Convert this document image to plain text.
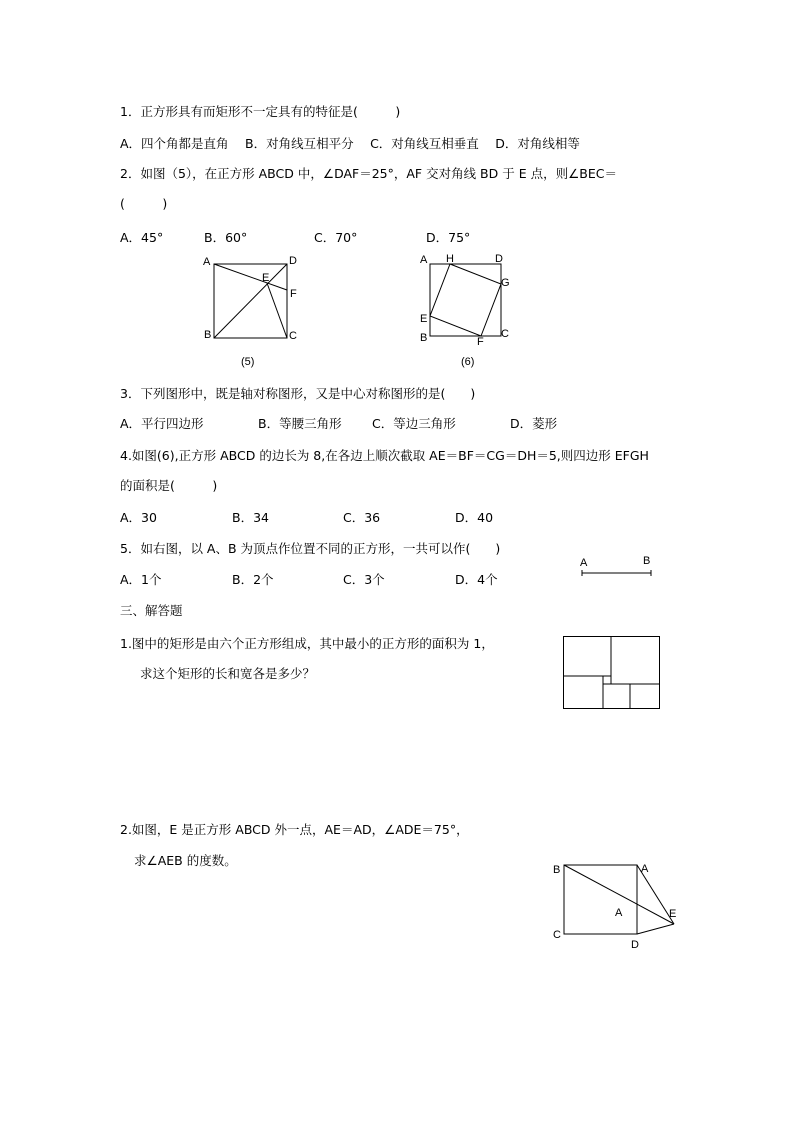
1．正方形具有而矩形不一定具有的特征是(　　　)
A．四个角都是直角　 B．对角线互相平分　 C．对角线互相垂直　 D．对角线相等
2．如图（5），在正方形 ABCD 中，∠DAF＝25°，AF 交对角线 BD 于 E 点，则∠BEC＝
(　　　)
A．45°	B．60°	C．70°	D．75°
A	D
E
F
B	C
(5)
A H	D
G
E
B	F
C
(6)
3．下列图形中，既是轴对称图形，又是中心对称图形的是(　　)
A．平行四边形	B．等腰三角形 C．等边三角形	D．菱形
4.如图(6),正方形 ABCD 的边长为 8,在各边上顺次截取 AE＝BF＝CG＝DH＝5,则四边形 EFGH
的面积是(　　　)
A．30	B．34	C．36	D．40
5．如右图，以 A、B 为顶点作位置不同的正方形，一共可以作(　　)
A．1个	B．2个	C．3个	D．4个
A	B
三、解答题
1.图中的矩形是由六个正方形组成，其中最小的正方形的面积为 1，
求这个矩形的长和宽各是多少？
2.如图，E 是正方形 ABCD 外一点，AE＝AD，∠ADE＝75°，
求∠AEB 的度数。
B	A
A	E
C
D
